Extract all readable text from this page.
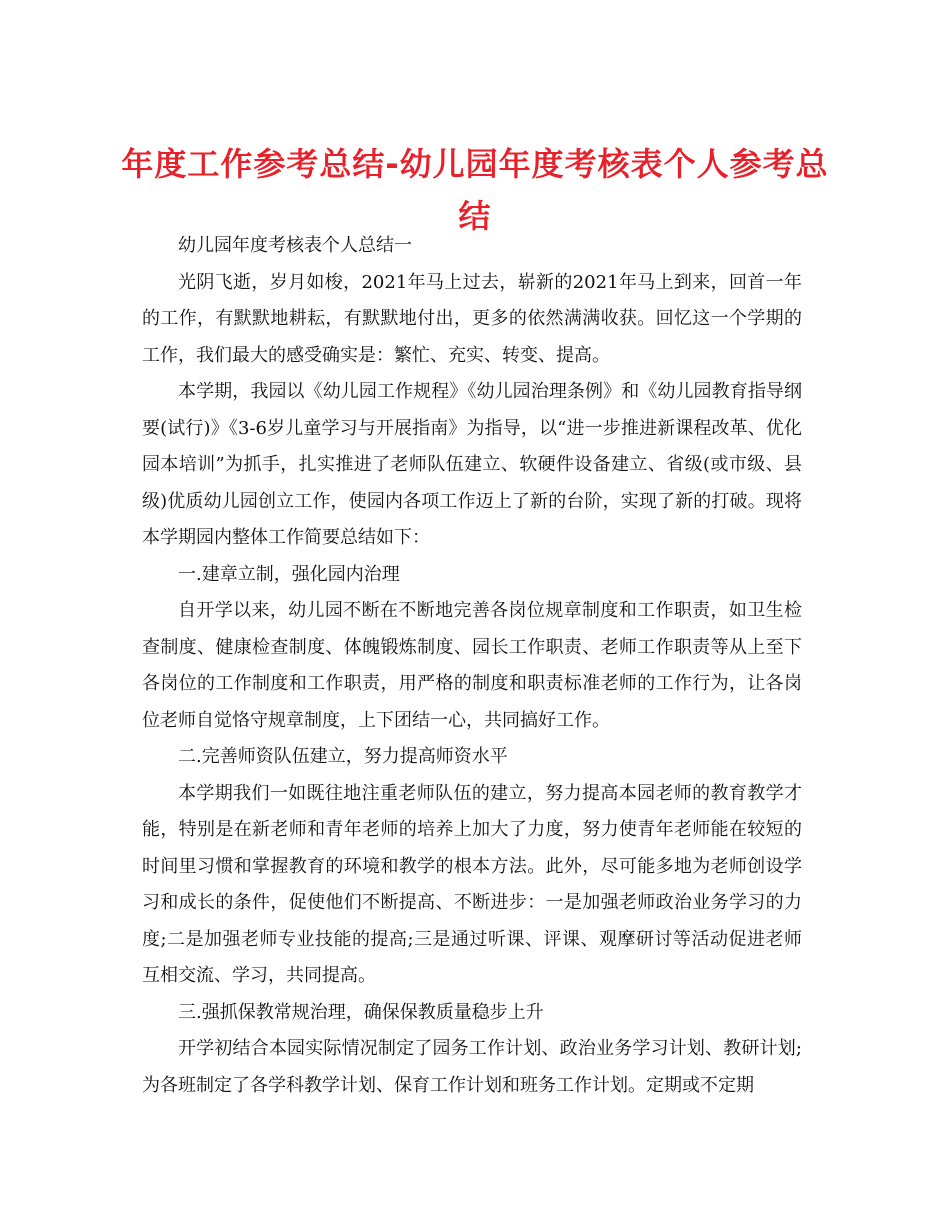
年度工作参考总结-幼儿园年度考核表个人参考总结

幼儿园年度考核表个人总结一

光阴飞逝，岁月如梭，2021年马上过去，崭新的2021年马上到来，回首一年的工作，有默默地耕耘，有默默地付出，更多的依然满满收获。回忆这一个学期的工作，我们最大的感受确实是：繁忙、充实、转变、提高。

本学期，我园以《幼儿园工作规程》《幼儿园治理条例》和《幼儿园教育指导纲要(试行)》《3-6岁儿童学习与开展指南》为指导，以“进一步推进新课程改革、优化园本培训”为抓手，扎实推进了老师队伍建立、软硬件设备建立、省级(或市级、县级)优质幼儿园创立工作，使园内各项工作迈上了新的台阶，实现了新的打破。现将本学期园内整体工作简要总结如下：

一.建章立制，强化园内治理

自开学以来，幼儿园不断在不断地完善各岗位规章制度和工作职责，如卫生检查制度、健康检查制度、体魄锻炼制度、园长工作职责、老师工作职责等从上至下各岗位的工作制度和工作职责，用严格的制度和职责标准老师的工作行为，让各岗位老师自觉恪守规章制度，上下团结一心，共同搞好工作。

二.完善师资队伍建立，努力提高师资水平

本学期我们一如既往地注重老师队伍的建立，努力提高本园老师的教育教学才能，特别是在新老师和青年老师的培养上加大了力度，努力使青年老师能在较短的时间里习惯和掌握教育的环境和教学的根本方法。此外，尽可能多地为老师创设学习和成长的条件，促使他们不断提高、不断进步：一是加强老师政治业务学习的力度;二是加强老师专业技能的提高;三是通过听课、评课、观摩研讨等活动促进老师互相交流、学习，共同提高。

三.强抓保教常规治理，确保保教质量稳步上升

开学初结合本园实际情况制定了园务工作计划、政治业务学习计划、教研计划;为各班制定了各学科教学计划、保育工作计划和班务工作计划。定期或不定期
